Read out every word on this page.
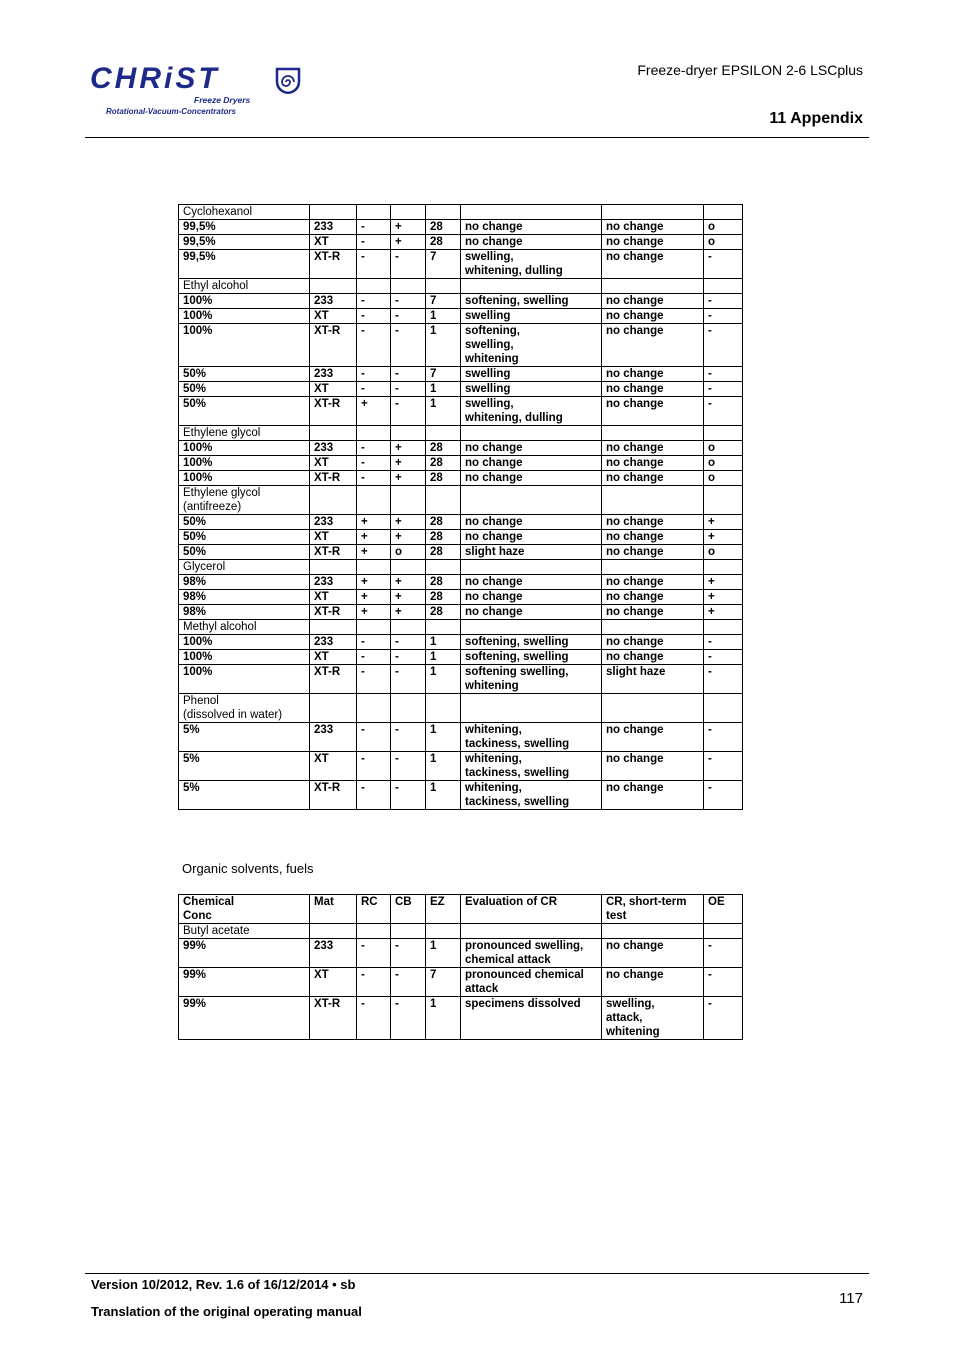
CHRiST
Freeze Dryers
Rotational-Vacuum-Concentrators
Freeze-dryer EPSILON 2-6 LSCplus
11 Appendix
Cyclohexanol							
99,5%	233	-	+	28	no change	no change	o
99,5%	XT	-	+	28	no change	no change	o
99,5%	XT-R	-	-	7	swelling,
whitening, dulling	no change	-
Ethyl alcohol							
100%	233	-	-	7	softening, swelling	no change	-
100%	XT	-	-	1	swelling	no change	-
100%	XT-R	-	-	1	softening,
swelling,
whitening	no change	-
50%	233	-	-	7	swelling	no change	-
50%	XT	-	-	1	swelling	no change	-
50%	XT-R	+	-	1	swelling,
whitening, dulling	no change	-
Ethylene glycol							
100%	233	-	+	28	no change	no change	o
100%	XT	-	+	28	no change	no change	o
100%	XT-R	-	+	28	no change	no change	o
Ethylene glycol
(antifreeze)							
50%	233	+	+	28	no change	no change	+
50%	XT	+	+	28	no change	no change	+
50%	XT-R	+	o	28	slight haze	no change	o
Glycerol							
98%	233	+	+	28	no change	no change	+
98%	XT	+	+	28	no change	no change	+
98%	XT-R	+	+	28	no change	no change	+
Methyl alcohol							
100%	233	-	-	1	softening, swelling	no change	-
100%	XT	-	-	1	softening, swelling	no change	-
100%	XT-R	-	-	1	softening swelling,
whitening	slight haze	-
Phenol
(dissolved in water)							
5%	233	-	-	1	whitening,
tackiness, swelling	no change	-
5%	XT	-	-	1	whitening,
tackiness, swelling	no change	-
5%	XT-R	-	-	1	whitening,
tackiness, swelling	no change	-
Organic solvents, fuels
Chemical
Conc	Mat	RC	CB	EZ	Evaluation of CR	CR, short-term
test	OE
Butyl acetate							
99%	233	-	-	1	pronounced swelling,
chemical attack	no change	-
99%	XT	-	-	7	pronounced chemical
attack	no change	-
99%	XT-R	-	-	1	specimens dissolved	swelling,
attack,
whitening	-
Version 10/2012, Rev. 1.6 of 16/12/2014 • sb
Translation of the original operating manual
117
